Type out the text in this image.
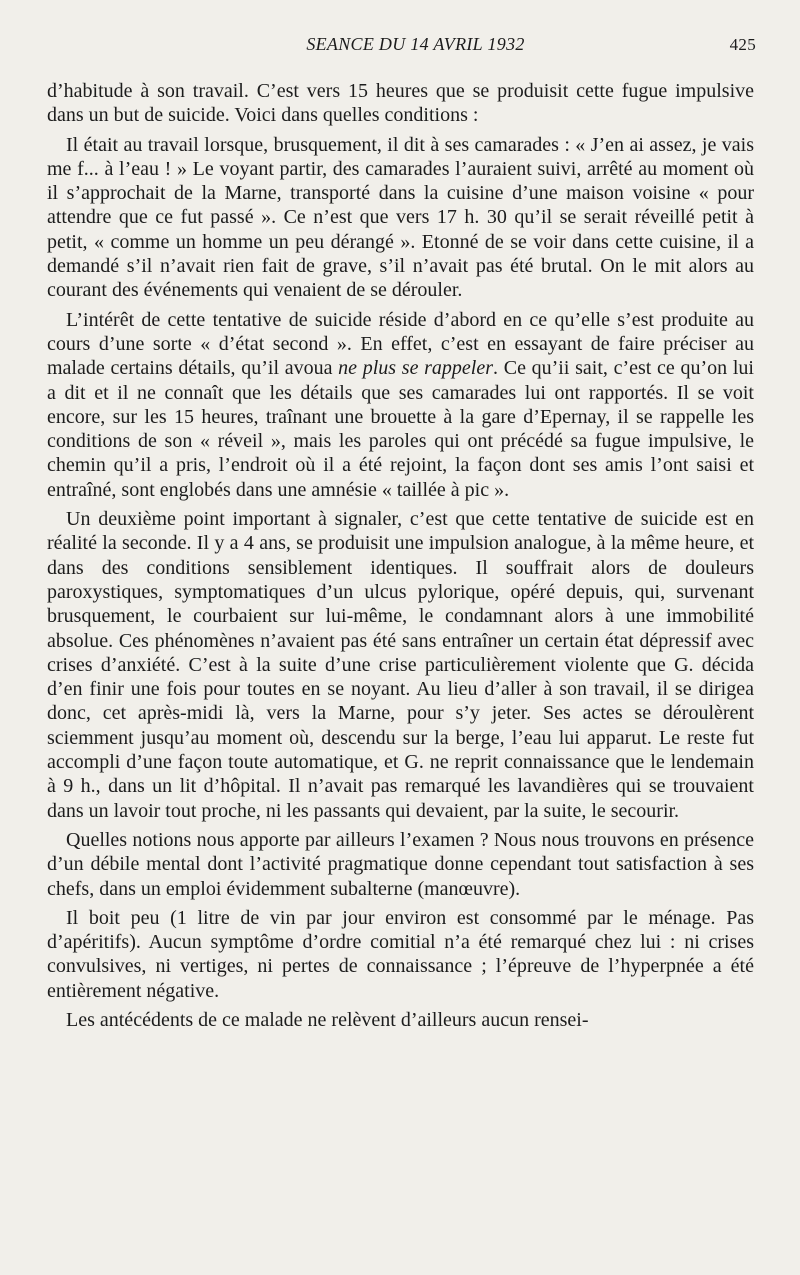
SEANCE DU 14 AVRIL 1932	425

d’habitude à son travail. C’est vers 15 heures que se produisit cette fugue impulsive dans un but de suicide. Voici dans quelles conditions :

Il était au travail lorsque, brusquement, il dit à ses camarades : « J’en ai assez, je vais me f... à l’eau ! » Le voyant partir, des camarades l’auraient suivi, arrêté au moment où il s’approchait de la Marne, transporté dans la cuisine d’une maison voisine « pour attendre que ce fut passé ». Ce n’est que vers 17 h. 30 qu’il se serait réveillé petit à petit, « comme un homme un peu dérangé ». Etonné de se voir dans cette cuisine, il a demandé s’il n’avait rien fait de grave, s’il n’avait pas été brutal. On le mit alors au courant des événements qui venaient de se dérouler.

L’intérêt de cette tentative de suicide réside d’abord en ce qu’elle s’est produite au cours d’une sorte « d’état second ». En effet, c’est en essayant de faire préciser au malade certains détails, qu’il avoua ne plus se rappeler. Ce qu’ii sait, c’est ce qu’on lui a dit et il ne connaît que les détails que ses camarades lui ont rapportés. Il se voit encore, sur les 15 heures, traînant une brouette à la gare d’Epernay, il se rappelle les conditions de son « réveil », mais les paroles qui ont précédé sa fugue impulsive, le chemin qu’il a pris, l’endroit où il a été rejoint, la façon dont ses amis l’ont saisi et entraîné, sont englobés dans une amnésie « taillée à pic ».

Un deuxième point important à signaler, c’est que cette tentative de suicide est en réalité la seconde. Il y a 4 ans, se produisit une impulsion analogue, à la même heure, et dans des conditions sensiblement identiques. Il souffrait alors de douleurs paroxystiques, symptomatiques d’un ulcus pylorique, opéré depuis, qui, survenant brusquement, le courbaient sur lui-même, le condamnant alors à une immobilité absolue. Ces phénomènes n’avaient pas été sans entraîner un certain état dépressif avec crises d’anxiété. C’est à la suite d’une crise particulièrement violente que G. décida d’en finir une fois pour toutes en se noyant. Au lieu d’aller à son travail, il se dirigea donc, cet après-midi là, vers la Marne, pour s’y jeter. Ses actes se déroulèrent sciemment jusqu’au moment où, descendu sur la berge, l’eau lui apparut. Le reste fut accompli d’une façon toute automatique, et G. ne reprit connaissance que le lendemain à 9 h., dans un lit d’hôpital. Il n’avait pas remarqué les lavandières qui se trouvaient dans un lavoir tout proche, ni les passants qui devaient, par la suite, le secourir.

Quelles notions nous apporte par ailleurs l’examen ? Nous nous trouvons en présence d’un débile mental dont l’activité pragmatique donne cependant tout satisfaction à ses chefs, dans un emploi évidemment subalterne (manœuvre).

Il boit peu (1 litre de vin par jour environ est consommé par le ménage. Pas d’apéritifs). Aucun symptôme d’ordre comitial n’a été remarqué chez lui : ni crises convulsives, ni vertiges, ni pertes de connaissance ; l’épreuve de l’hyperpnée a été entièrement négative.

Les antécédents de ce malade ne relèvent d’ailleurs aucun rensei-
